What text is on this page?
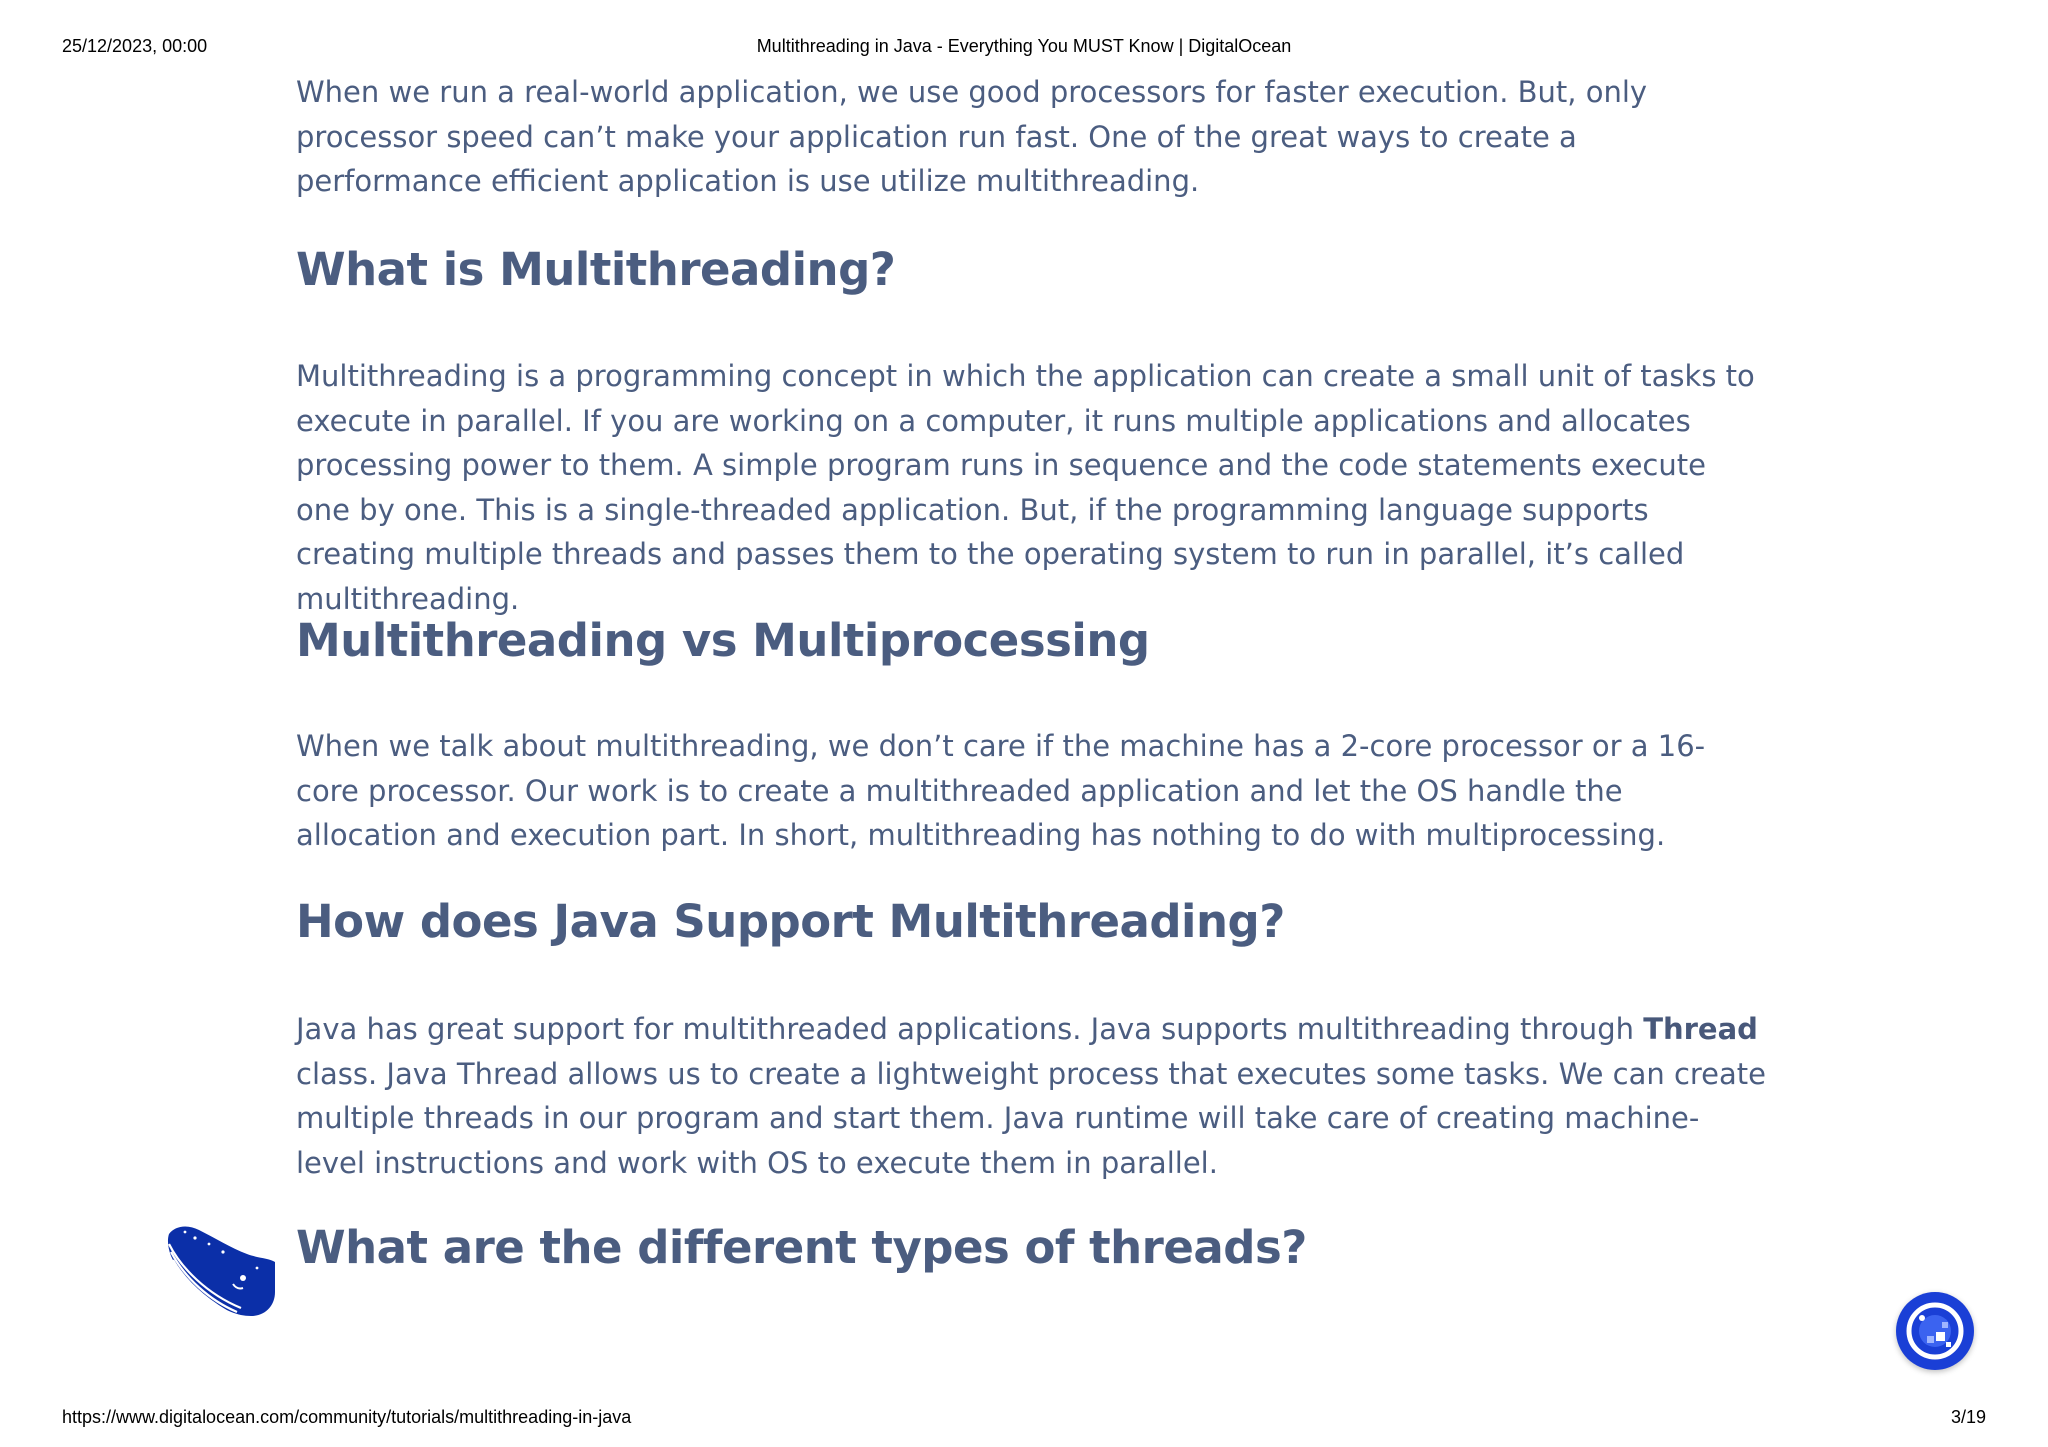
25/12/2023, 00:00	Multithreading in Java - Everything You MUST Know | DigitalOcean

When we run a real-world application, we use good processors for faster execution. But, only processor speed can’t make your application run fast. One of the great ways to create a performance efficient application is use utilize multithreading.

What is Multithreading?

Multithreading is a programming concept in which the application can create a small unit of tasks to execute in parallel. If you are working on a computer, it runs multiple applications and allocates processing power to them. A simple program runs in sequence and the code statements execute one by one. This is a single-threaded application. But, if the programming language supports creating multiple threads and passes them to the operating system to run in parallel, it’s called multithreading.

Multithreading vs Multiprocessing

When we talk about multithreading, we don’t care if the machine has a 2-core processor or a 16-core processor. Our work is to create a multithreaded application and let the OS handle the allocation and execution part. In short, multithreading has nothing to do with multiprocessing.

How does Java Support Multithreading?

Java has great support for multithreaded applications. Java supports multithreading through Thread class. Java Thread allows us to create a lightweight process that executes some tasks. We can create multiple threads in our program and start them. Java runtime will take care of creating machine-level instructions and work with OS to execute them in parallel.

What are the different types of threads?
https://www.digitalocean.com/community/tutorials/multithreading-in-java	3/19
